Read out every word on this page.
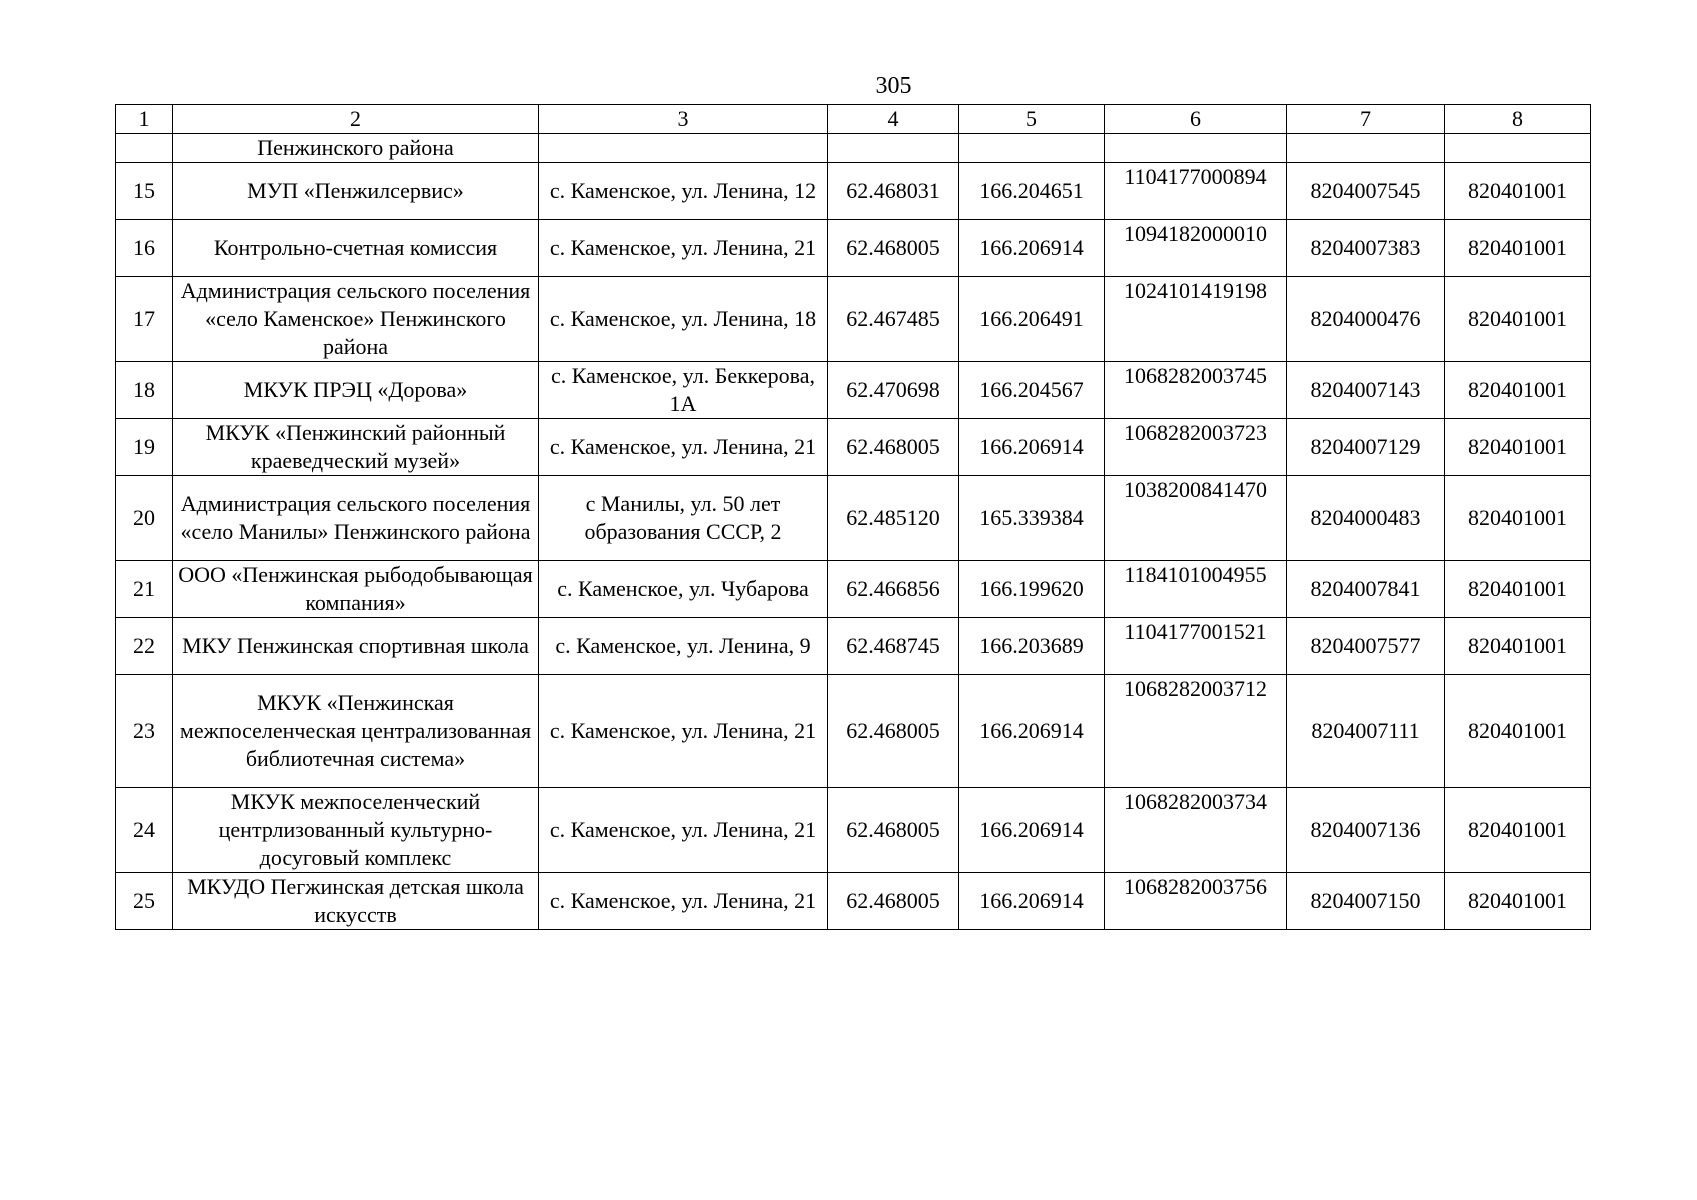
305
1	2	3	4	5	6	7	8
	Пенжинского района						
15	МУП «Пенжилсервис»	с. Каменское, ул. Ленина, 12	62.468031	166.204651	1104177000894	8204007545	820401001
16	Контрольно-счетная комиссия	с. Каменское, ул. Ленина, 21	62.468005	166.206914	1094182000010	8204007383	820401001
17	Администрация сельского поселения «село Каменское» Пенжинского района	с. Каменское, ул. Ленина, 18	62.467485	166.206491	1024101419198	8204000476	820401001
18	МКУК ПРЭЦ «Дорова»	с. Каменское, ул. Беккерова, 1А	62.470698	166.204567	1068282003745	8204007143	820401001
19	МКУК «Пенжинский районный краеведческий музей»	с. Каменское, ул. Ленина, 21	62.468005	166.206914	1068282003723	8204007129	820401001
20	Администрация сельского поселения «село Манилы» Пенжинского района	с Манилы, ул. 50 лет образования СССР, 2	62.485120	165.339384	1038200841470	8204000483	820401001
21	ООО «Пенжинская рыбодобывающая компания»	с. Каменское, ул. Чубарова	62.466856	166.199620	1184101004955	8204007841	820401001
22	МКУ Пенжинская спортивная школа	с. Каменское, ул. Ленина, 9	62.468745	166.203689	1104177001521	8204007577	820401001
23	МКУК «Пенжинская межпоселенческая централизованная библиотечная система»	с. Каменское, ул. Ленина, 21	62.468005	166.206914	1068282003712	8204007111	820401001
24	МКУК межпоселенческий центрлизованный культурно-досуговый комплекс	с. Каменское, ул. Ленина, 21	62.468005	166.206914	1068282003734	8204007136	820401001
25	МКУДО Пегжинская детская школа искусств	с. Каменское, ул. Ленина, 21	62.468005	166.206914	1068282003756	8204007150	820401001
